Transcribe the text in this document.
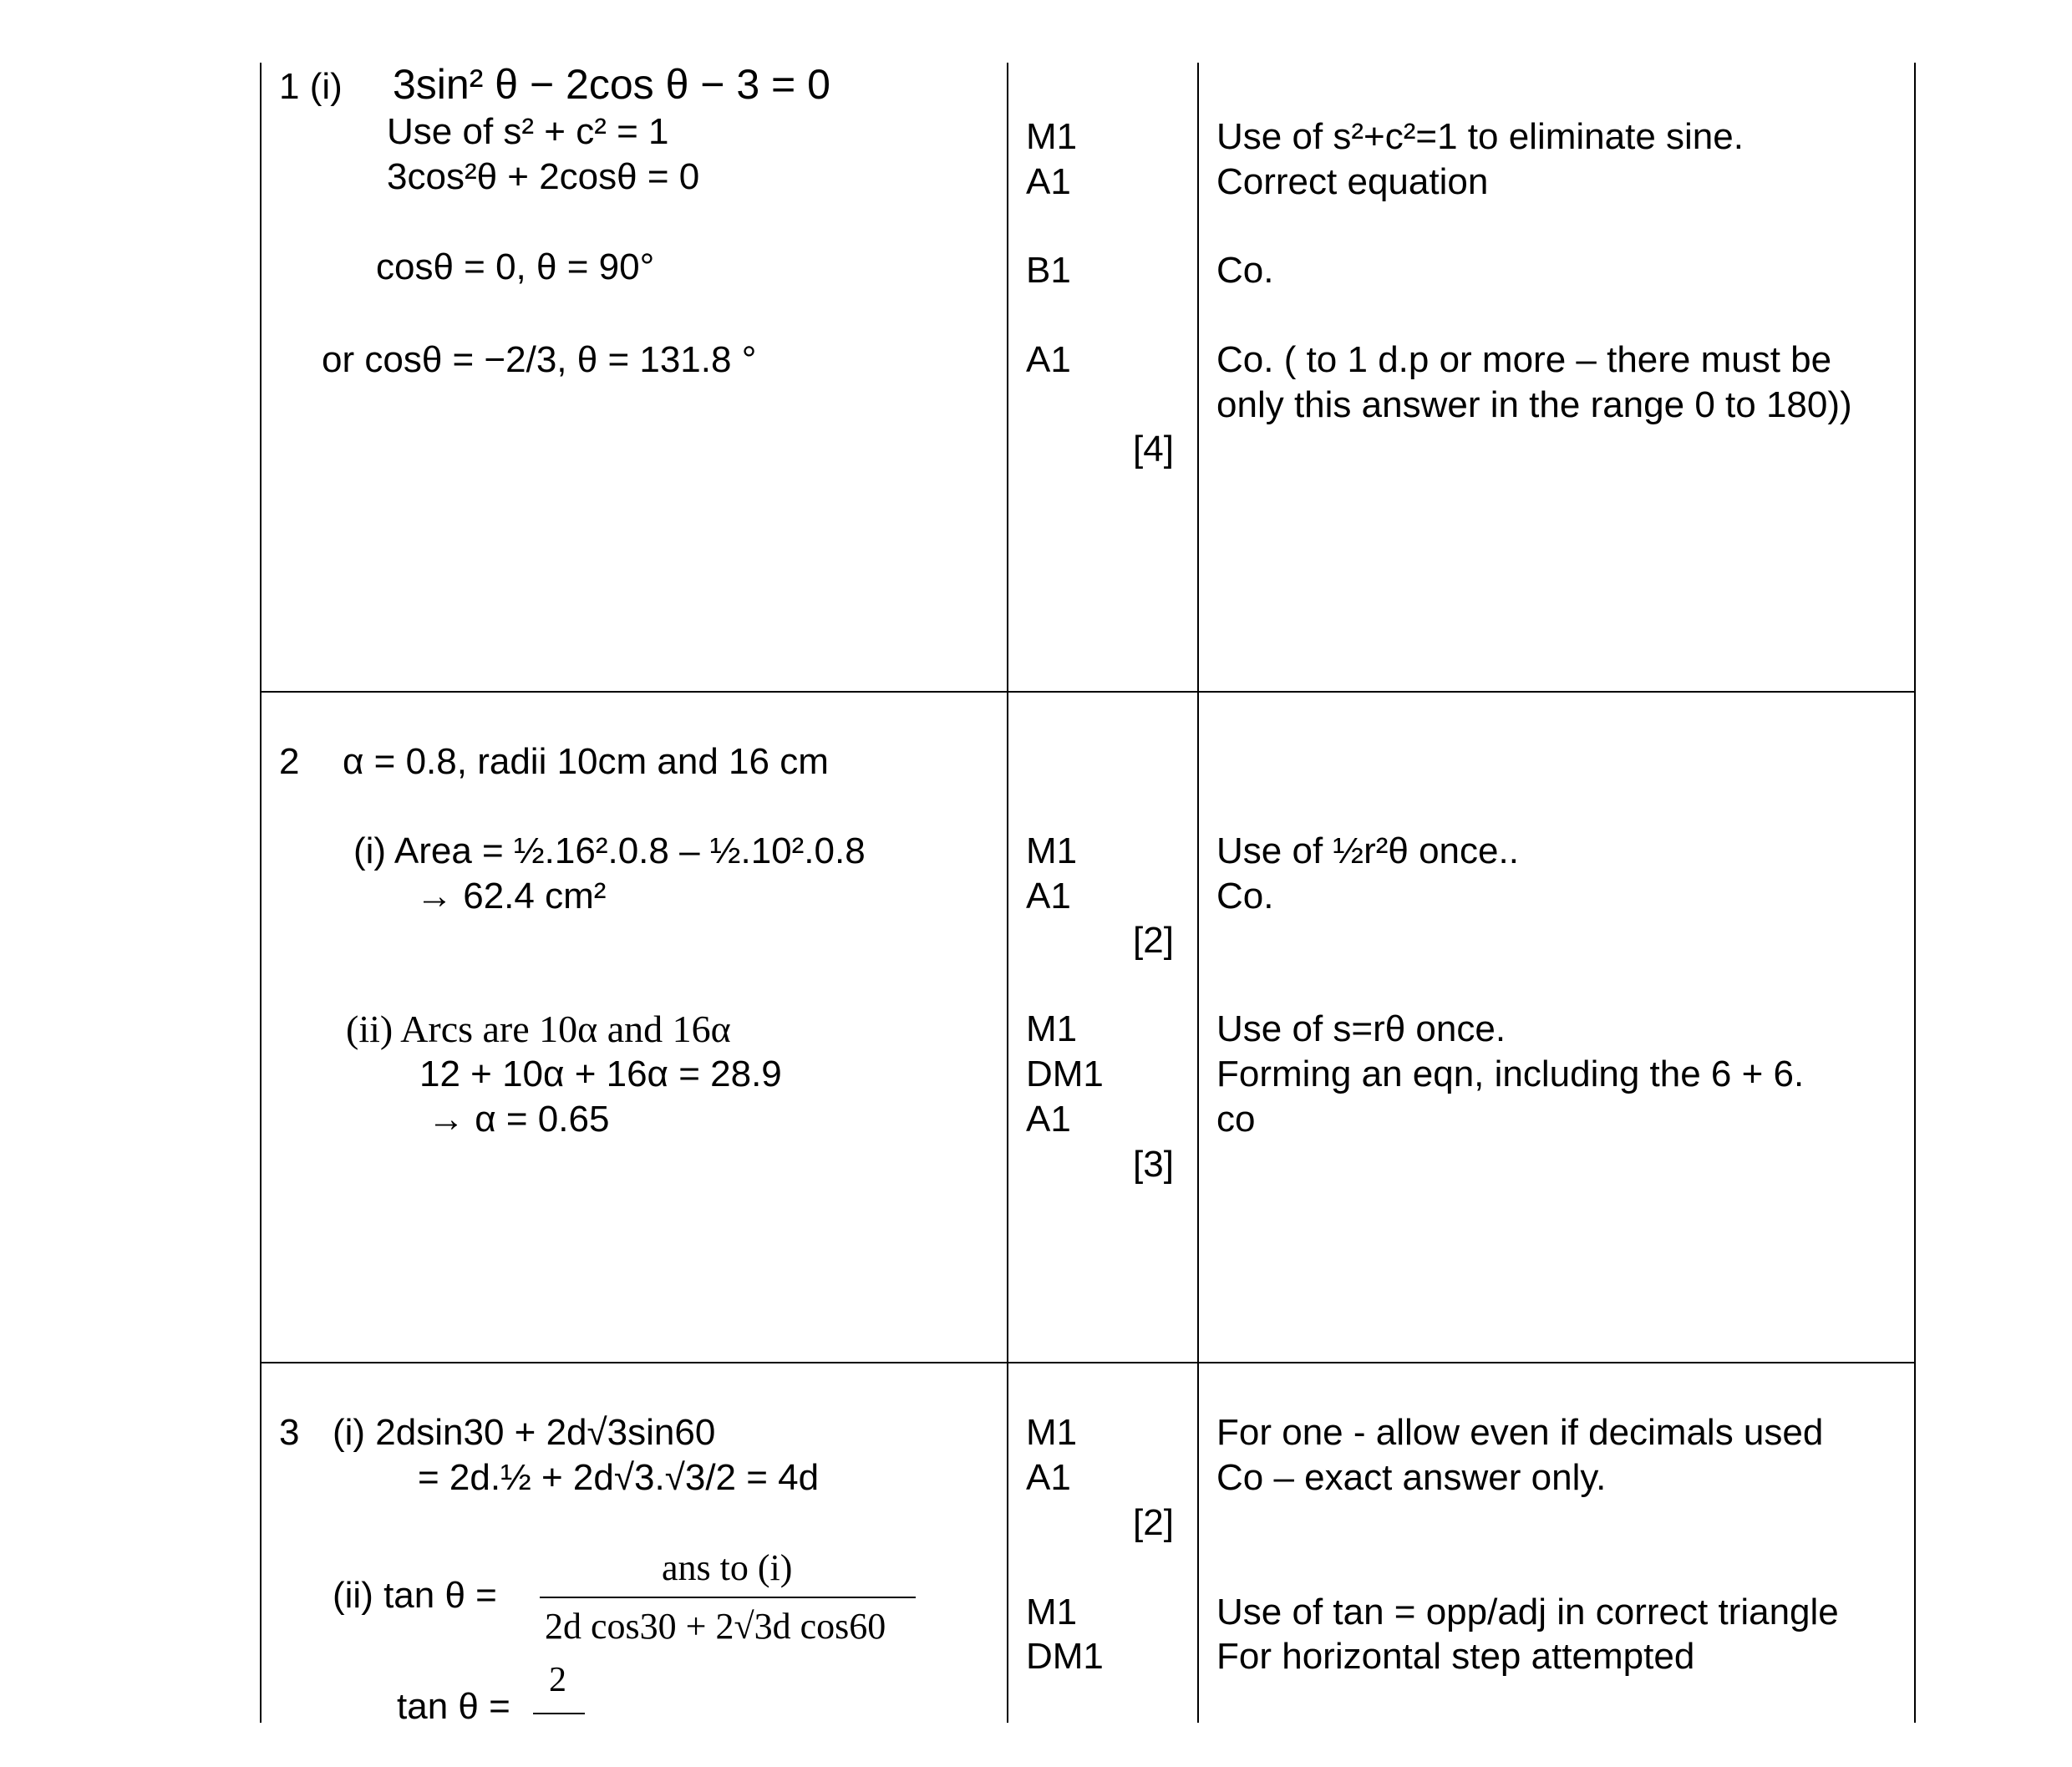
1 (i) 3sin² θ − 2cos θ − 3 = 0
Use of s² + c² = 1
3cos²θ + 2cosθ = 0
cosθ = 0, θ = 90°
or cosθ = −2/3, θ = 131.8 °
M1
A1
B1
A1
[4]
Use of s²+c²=1 to eliminate sine.
Correct equation
Co.
Co. ( to 1 d.p or more – there must be
only this answer in the range 0 to 180))
2 α = 0.8, radii 10cm and 16 cm
(i) Area = ½.16².0.8 – ½.10².0.8
→ 62.4 cm²
M1
A1
[2]
Use of ½r²θ once..
Co.
(ii) Arcs are 10α and 16α
12 + 10α + 16α = 28.9
→ α = 0.65
M1
DM1
A1
[3]
Use of s=rθ once.
Forming an eqn, including the 6 + 6.
co
3 (i) 2dsin30 + 2d√3sin60
= 2d.½ + 2d√3.√3/2 = 4d
M1
A1
[2]
For one - allow even if decimals used
Co – exact answer only.
(ii) tan θ =
ans to (i)
2d cos30 + 2√3d cos60	M1
DM1
Use of tan = opp/adj in correct triangle
For horizontal step attempted
tan θ =
2
